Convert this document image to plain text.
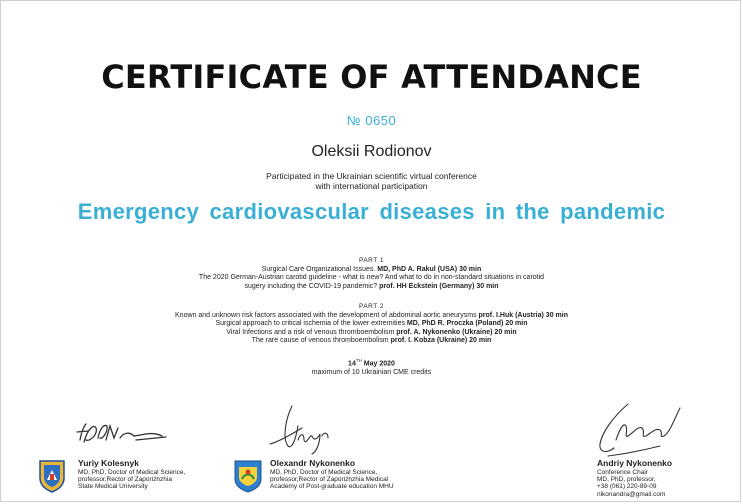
CERTIFICATE OF ATTENDANCE
№ 0650
Oleksii Rodionov
Participated in the Ukrainian scientific virtual conference
with international participation
Emergency cardiovascular diseases in the pandemic
PART 1
Surgical Care Organizational Issues. MD, PhD A. Rakul (USA) 30 min
The 2020 German-Austrian carotid guideline - what is new? And what to do in non-standard situations in carotid
sugery including the COVID-19 pandemic? prof. HH Eckstein (Germany) 30 min
PART 2
Known and unknown risk factors associated with the development of abdominal aortic aneurysms prof. I.Huk (Austria) 30 min
Surgical approach to critical ischemia of the lower extremities MD, PhD R. Proczka (Poland) 20 min
Viral Infections and a risk of venous thromboembolism prof. A. Nykonenko (Ukraine) 20 min
The rare cause of venous thromboembolism prof. I. Kobza (Ukraine) 20 min
14TH May 2020
maximum of 10 Ukrainian CME credits
Yuriy Kolesnyk
MD, PhD, Doctor of Medical Science,
professor,Rector of Zaporizhzhia
State Medical University
Olexandr Nykonenko
MD, PhD, Doctor of Medical Science,
professor,Rector of Zaporizhzhia Medical
Academy of Post-graduate education MHU
Andriy Nykonenko
Conference Chair
MD, PhD, professor,
+38 (061) 220-89-09
nikonandra@gmail.com
